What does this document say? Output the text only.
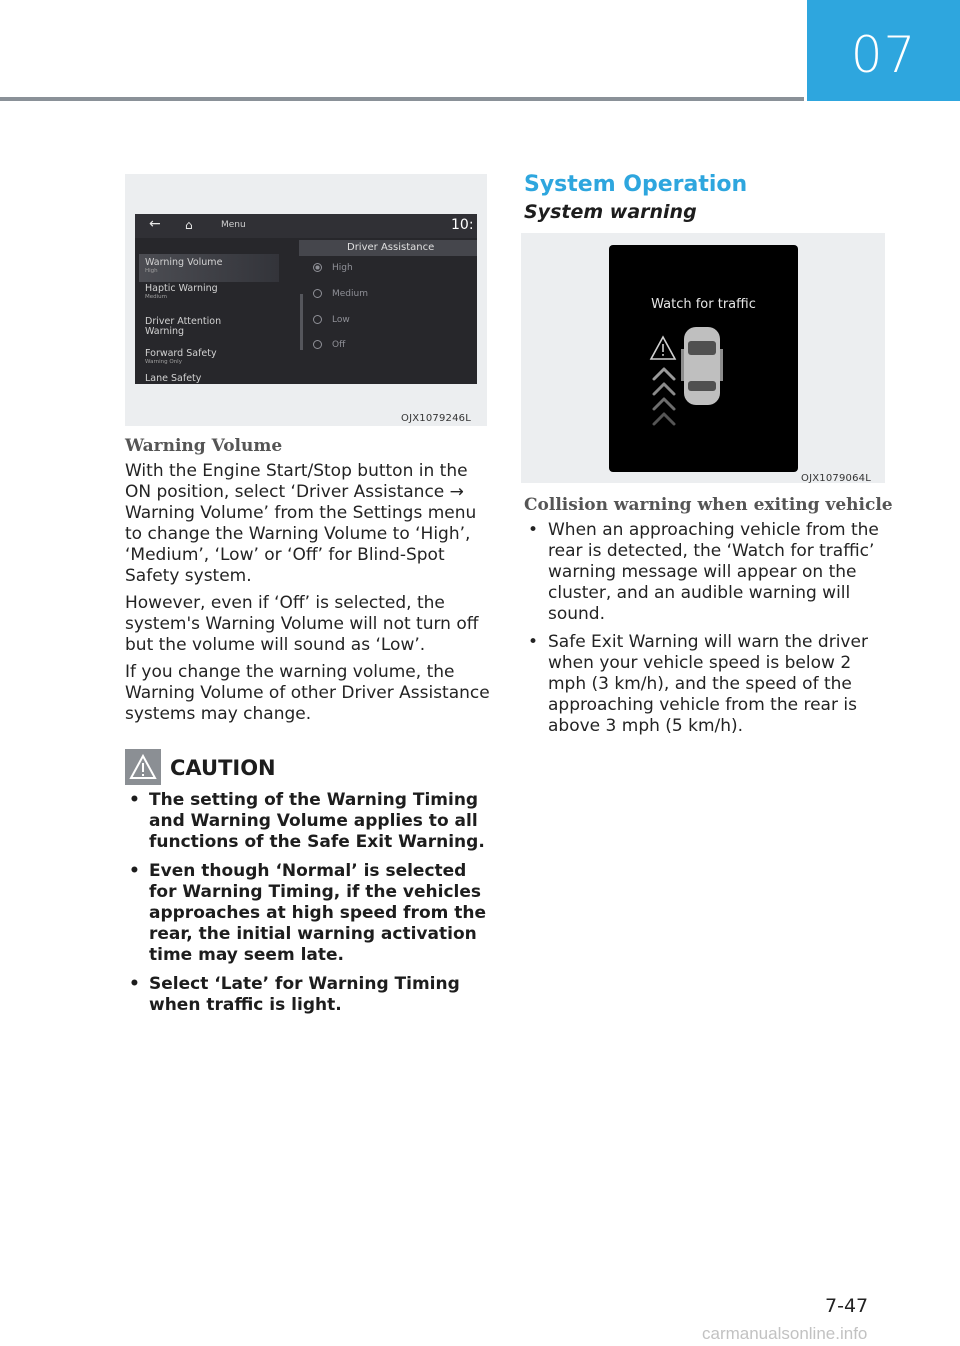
07
← ⌂	Menu	10:
Driver Assistance
Warning Volume
High
Haptic Warning
Medium
Driver Attention
Warning
Forward Safety
Warning Only
Lane Safety
High
Medium
Low
Off
OJX1079246L
Warning Volume

With the Engine Start/Stop button in the ON position, select ‘Driver Assistance → Warning Volume’ from the Settings menu to change the Warning Volume to ‘High’, ‘Medium’, ‘Low’ or ‘Off’ for Blind-Spot Safety system.

However, even if ‘Off’ is selected, the system's Warning Volume will not turn off but the volume will sound as ‘Low’.

If you change the warning volume, the Warning Volume of other Driver Assistance systems may change.

CAUTION
• The setting of the Warning Timing and Warning Volume applies to all functions of the Safe Exit Warning.
• Even though ‘Normal’ is selected for Warning Timing, if the vehicles approaches at high speed from the rear, the initial warning activation time may seem late.
• Select ‘Late’ for Warning Timing when traffic is light.
System Operation
System warning
Watch for traffic
OJX1079064L
Collision warning when exiting vehicle
• When an approaching vehicle from the rear is detected, the ‘Watch for traffic’ warning message will appear on the cluster, and an audible warning will sound.
• Safe Exit Warning will warn the driver when your vehicle speed is below 2 mph (3 km/h), and the speed of the approaching vehicle from the rear is above 3 mph (5 km/h).
7-47
carmanualsonline.info
